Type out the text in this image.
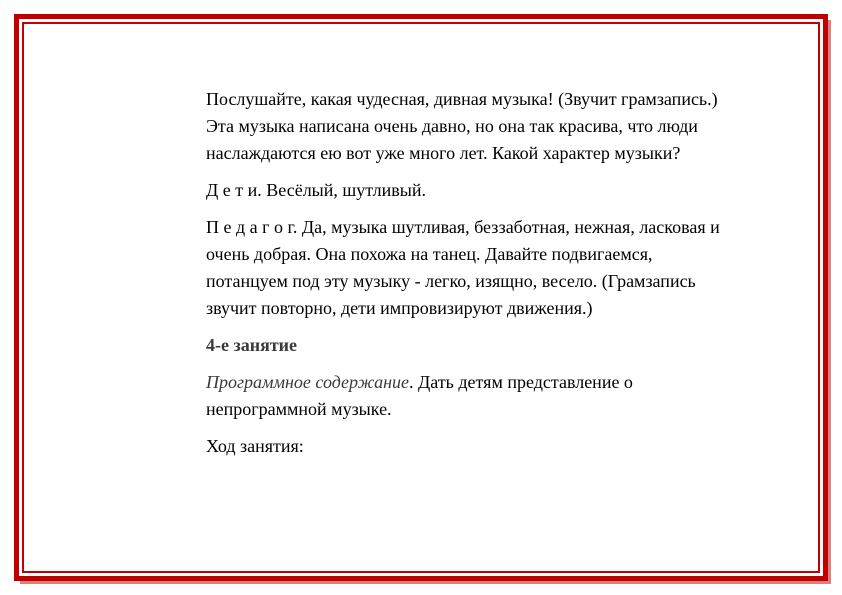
Послушайте, какая чудесная, дивная музыка! (Звучит грамзапись.) Эта музыка написана очень давно, но она так красива, что люди наслаждаются ею вот уже много лет. Какой характер музыки?

Д е т и. Весёлый, шутливый.

П е д а г о г. Да, музыка шутливая, беззаботная, нежная, ласковая и очень добрая. Она похожа на танец. Давайте подвигаемся, потанцуем под эту музыку - легко, изящно, весело. (Грамзапись звучит повторно, дети импровизируют движения.)

4-е занятие

Программное содержание. Дать детям представление о непрограммной музыке.

Ход занятия:
